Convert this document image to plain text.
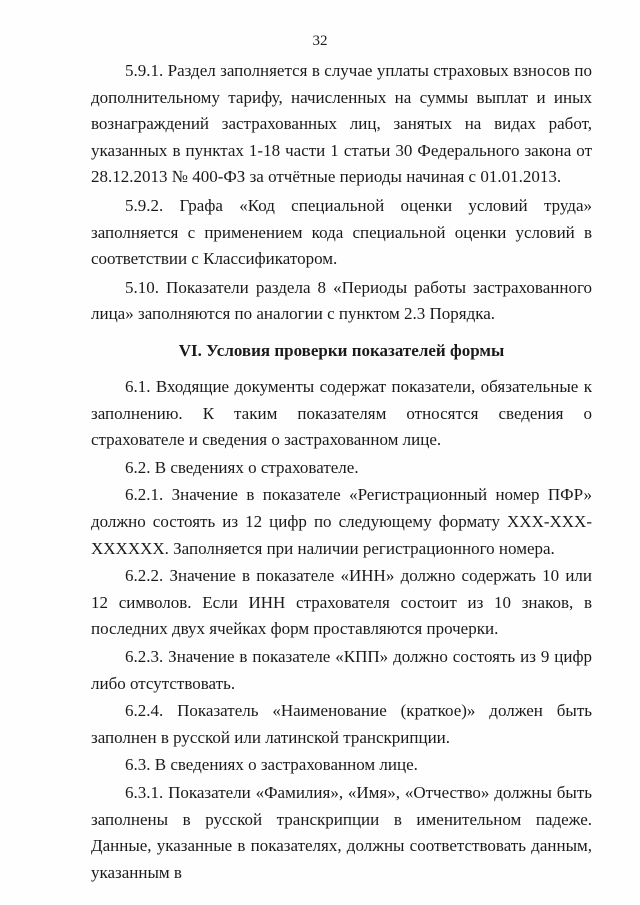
32

5.9.1. Раздел заполняется в случае уплаты страховых взносов по дополнительному тарифу, начисленных на суммы выплат и иных вознаграждений застрахованных лиц, занятых на видах работ, указанных в пунктах 1-18 части 1 статьи 30 Федерального закона от 28.12.2013 № 400-ФЗ за отчётные периоды начиная с 01.01.2013.

5.9.2. Графа «Код специальной оценки условий труда» заполняется с применением кода специальной оценки условий в соответствии с Классификатором.

5.10. Показатели раздела 8 «Периоды работы застрахованного лица» заполняются по аналогии с пунктом 2.3 Порядка.

VI. Условия проверки показателей формы

6.1. Входящие документы содержат показатели, обязательные к заполнению. К таким показателям относятся сведения о страхователе и сведения о застрахованном лице.

6.2. В сведениях о страхователе.

6.2.1. Значение в показателе «Регистрационный номер ПФР» должно состоять из 12 цифр по следующему формату XXX-XXX-XXXXXX. Заполняется при наличии регистрационного номера.

6.2.2. Значение в показателе «ИНН» должно содержать 10 или 12 символов. Если ИНН страхователя состоит из 10 знаков, в последних двух ячейках форм проставляются прочерки.

6.2.3. Значение в показателе «КПП» должно состоять из 9 цифр либо отсутствовать.

6.2.4. Показатель «Наименование (краткое)» должен быть заполнен в русской или латинской транскрипции.

6.3. В сведениях о застрахованном лице.

6.3.1. Показатели «Фамилия», «Имя», «Отчество» должны быть заполнены в русской транскрипции в именительном падеже. Данные, указанные в показателях, должны соответствовать данным, указанным в
